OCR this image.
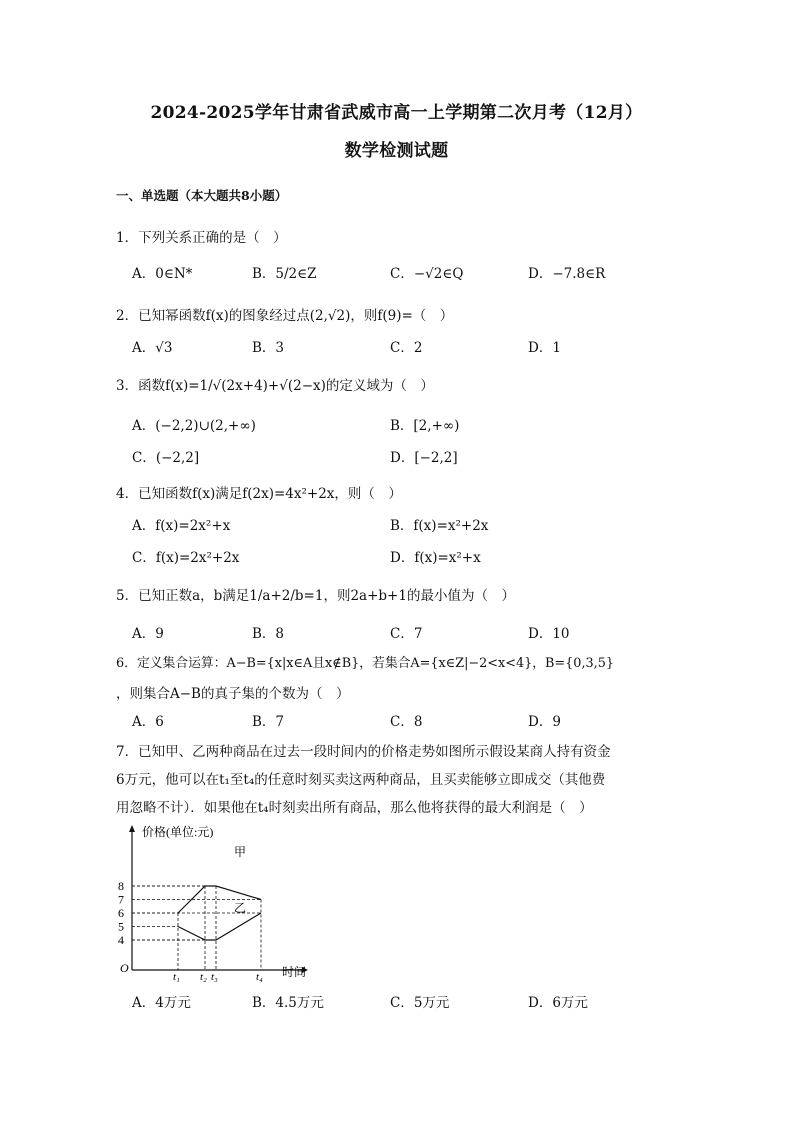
2024-2025学年甘肃省武威市高一上学期第二次月考（12月）
数学检测试题
一、单选题（本大题共8小题）
1．下列关系正确的是（　）
A．0∈N*	B．5/2∈Z	C．−√2∈Q	D．−7.8∈R
2．已知幂函数f(x)的图象经过点(2,√2)，则f(9)=（　）
A．√3	B．3	C．2	D．1
3．函数f(x)=1/√(2x+4)+√(2−x)的定义域为（　）
A．(−2,2)∪(2,+∞)	B．[2,+∞)
C．(−2,2]	D．[−2,2]
4．已知函数f(x)满足f(2x)=4x²+2x，则（　）
A．f(x)=2x²+x	B．f(x)=x²+2x
C．f(x)=2x²+2x	D．f(x)=x²+x
5．已知正数a，b满足1/a+2/b=1，则2a+b+1的最小值为（　）
A．9	B．8	C．7	D．10
6．定义集合运算：A−B={x|x∈A且x∉B}，若集合A={x∈Z|−2<x<4}，B={0,3,5}
，则集合A−B的真子集的个数为（　）
A．6	B．7	C．8	D．9
7．已知甲、乙两种商品在过去一段时间内的价格走势如图所示假设某商人持有资金
6万元，他可以在t₁至t₄的任意时刻买卖这两种商品，且买卖能够立即成交（其他费
用忽略不计）．如果他在t₄时刻卖出所有商品，那么他将获得的最大利润是（　）
价格(单位:元)
时间
O
8
7
6
5
4
t₁ t₂ t₃	t₄
甲
乙
A．4万元	B．4.5万元	C．5万元	D．6万元
